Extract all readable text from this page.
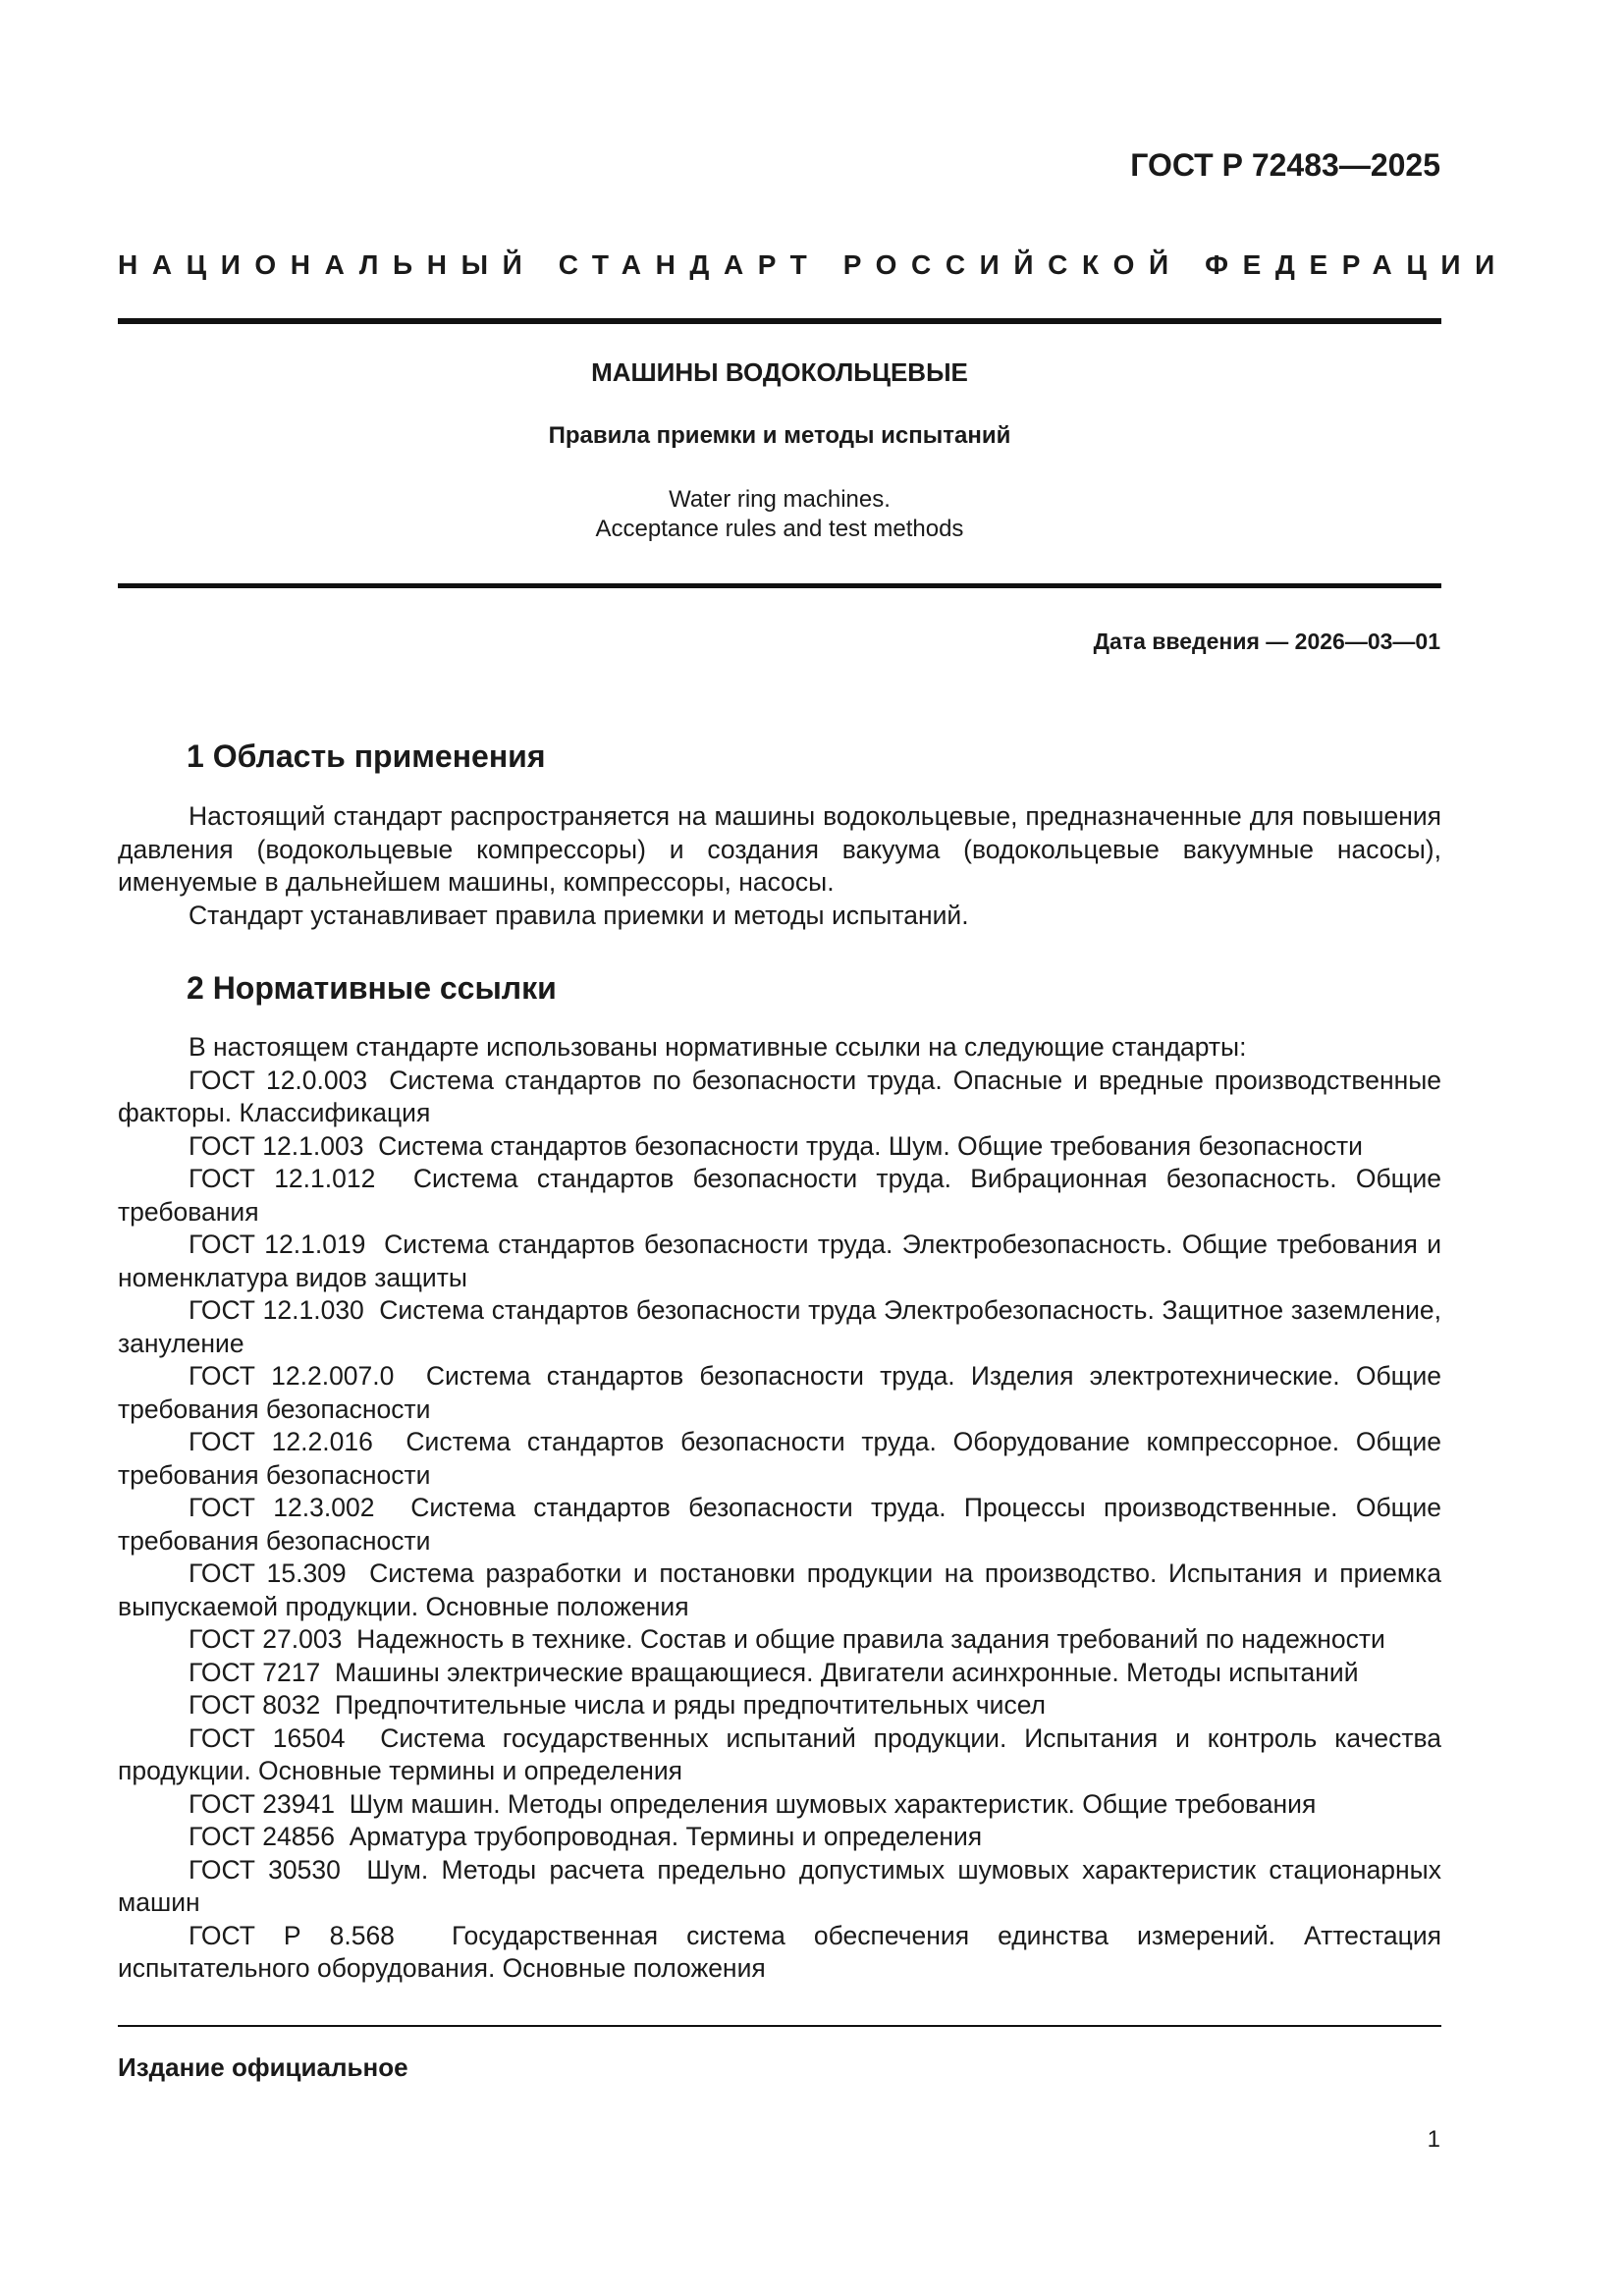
ГОСТ Р 72483—2025
НАЦИОНАЛЬНЫЙ СТАНДАРТ РОССИЙСКОЙ ФЕДЕРАЦИИ
МАШИНЫ ВОДОКОЛЬЦЕВЫЕ
Правила приемки и методы испытаний
Water ring machines.
Acceptance rules and test methods
Дата введения — 2026—03—01
1 Область применения

Настоящий стандарт распространяется на машины водокольцевые, предназначенные для повышения давления (водокольцевые компрессоры) и создания вакуума (водокольцевые вакуумные насосы), именуемые в дальнейшем машины, компрессоры, насосы.

Стандарт устанавливает правила приемки и методы испытаний.

2 Нормативные ссылки

В настоящем стандарте использованы нормативные ссылки на следующие стандарты:

ГОСТ 12.0.003 Система стандартов по безопасности труда. Опасные и вредные производственные факторы. Классификация

ГОСТ 12.1.003 Система стандартов безопасности труда. Шум. Общие требования безопасности

ГОСТ 12.1.012 Система стандартов безопасности труда. Вибрационная безопасность. Общие требования

ГОСТ 12.1.019 Система стандартов безопасности труда. Электробезопасность. Общие требования и номенклатура видов защиты

ГОСТ 12.1.030 Система стандартов безопасности труда Электробезопасность. Защитное заземление, зануление

ГОСТ 12.2.007.0 Система стандартов безопасности труда. Изделия электротехнические. Общие требования безопасности

ГОСТ 12.2.016 Система стандартов безопасности труда. Оборудование компрессорное. Общие требования безопасности

ГОСТ 12.3.002 Система стандартов безопасности труда. Процессы производственные. Общие требования безопасности

ГОСТ 15.309 Система разработки и постановки продукции на производство. Испытания и приемка выпускаемой продукции. Основные положения

ГОСТ 27.003 Надежность в технике. Состав и общие правила задания требований по надежности

ГОСТ 7217 Машины электрические вращающиеся. Двигатели асинхронные. Методы испытаний

ГОСТ 8032 Предпочтительные числа и ряды предпочтительных чисел

ГОСТ 16504 Система государственных испытаний продукции. Испытания и контроль качества продукции. Основные термины и определения

ГОСТ 23941 Шум машин. Методы определения шумовых характеристик. Общие требования

ГОСТ 24856 Арматура трубопроводная. Термины и определения

ГОСТ 30530 Шум. Методы расчета предельно допустимых шумовых характеристик стационарных машин

ГОСТ Р 8.568 Государственная система обеспечения единства измерений. Аттестация испытательного оборудования. Основные положения

Издание официальное
1
